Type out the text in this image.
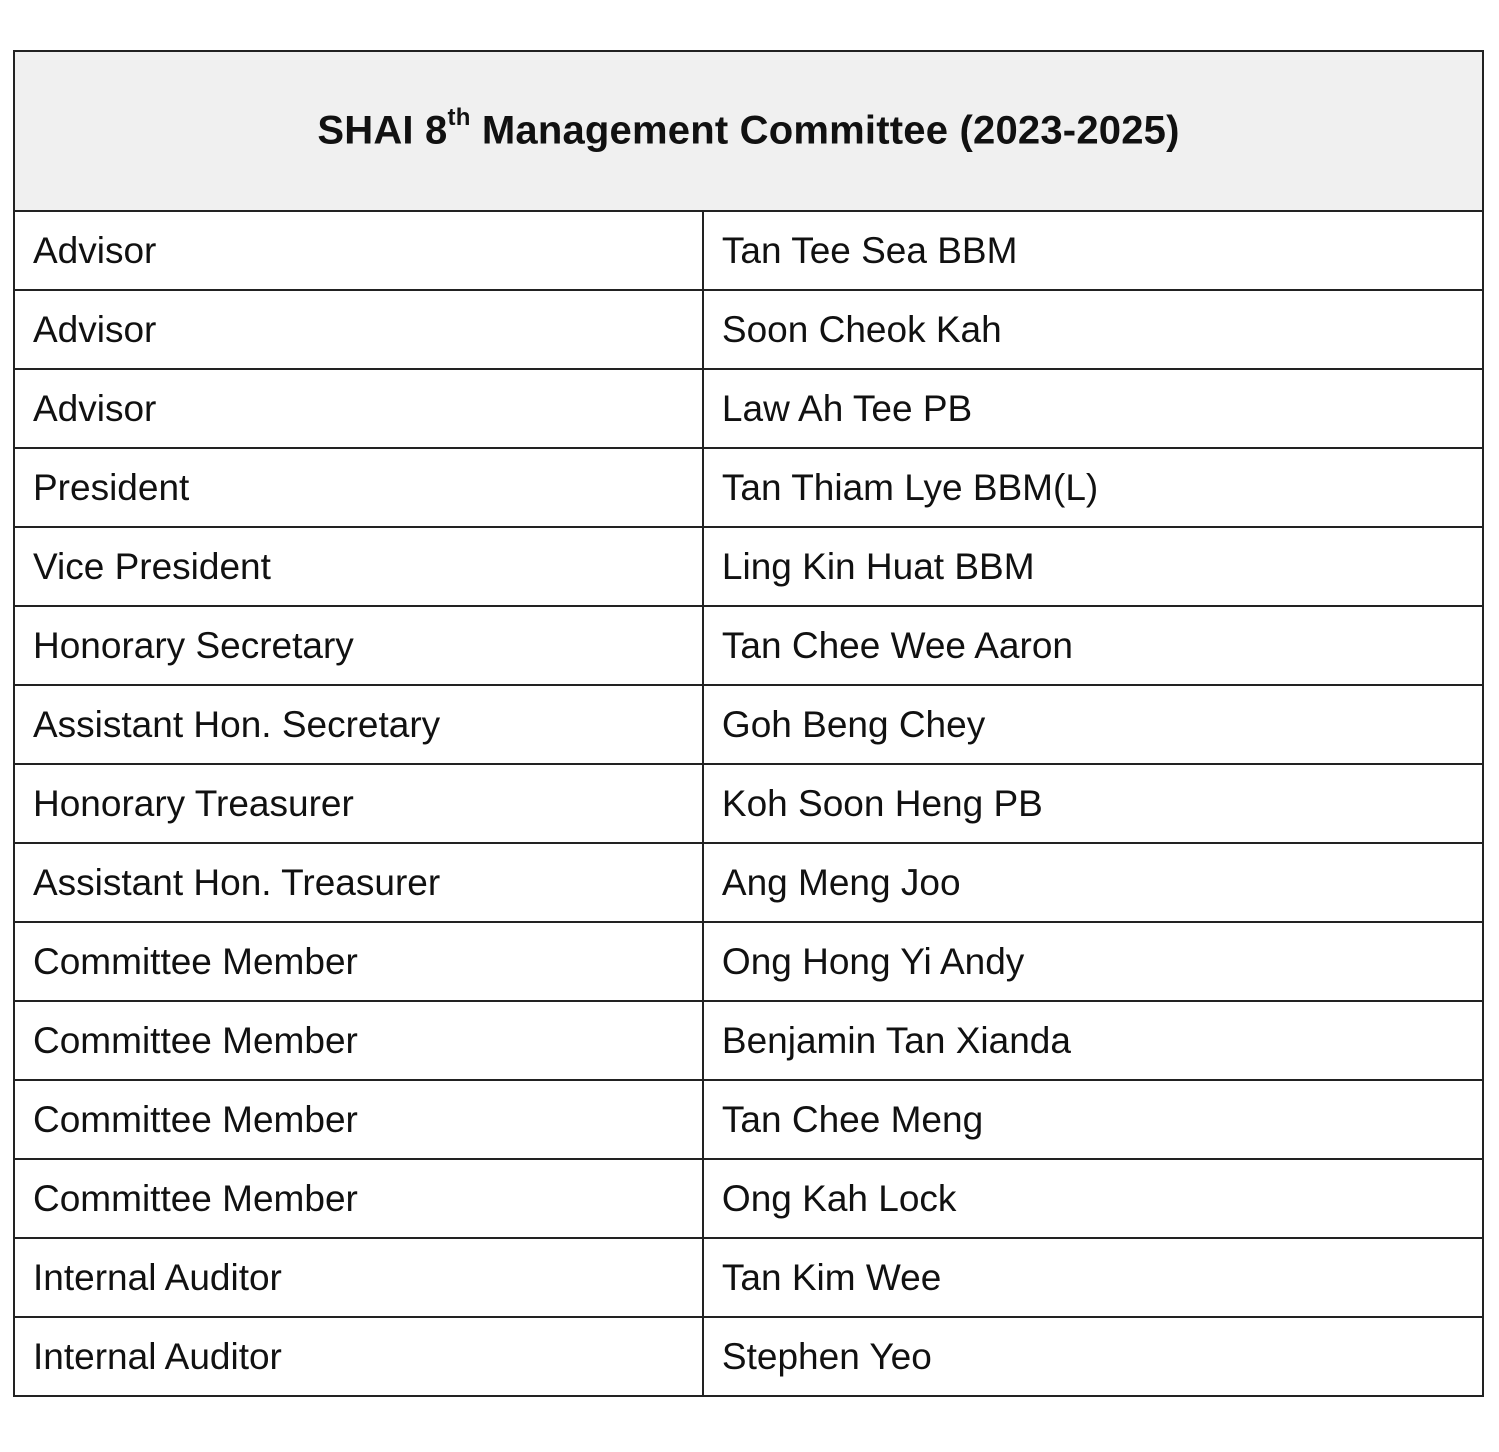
SHAI 8th Management Committee (2023-2025)	
Advisor	Tan Tee Sea BBM
Advisor	Soon Cheok Kah
Advisor	Law Ah Tee PB
President	Tan Thiam Lye BBM(L)
Vice President	Ling Kin Huat BBM
Honorary Secretary	Tan Chee Wee Aaron
Assistant Hon. Secretary	Goh Beng Chey
Honorary Treasurer	Koh Soon Heng PB
Assistant Hon. Treasurer	Ang Meng Joo
Committee Member	Ong Hong Yi Andy
Committee Member	Benjamin Tan Xianda
Committee Member	Tan Chee Meng
Committee Member	Ong Kah Lock
Internal Auditor	Tan Kim Wee
Internal Auditor	Stephen Yeo
